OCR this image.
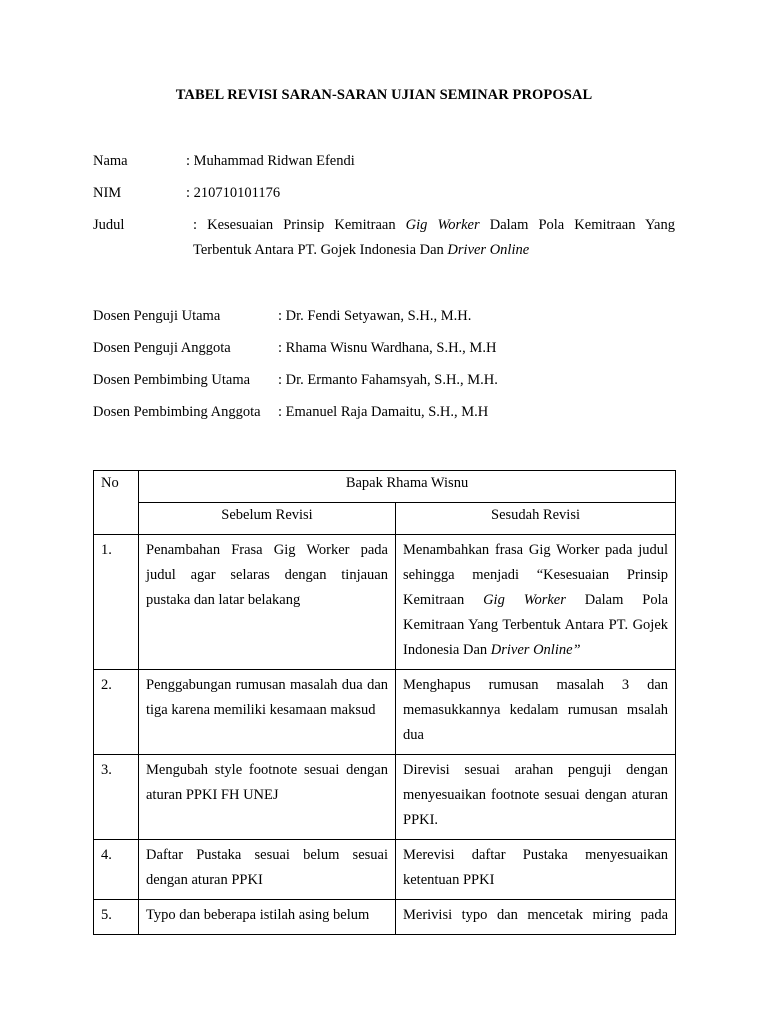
TABEL REVISI SARAN-SARAN UJIAN SEMINAR PROPOSAL
Nama	: Muhammad Ridwan Efendi
NIM	: 210710101176
Judul	: Kesesuaian Prinsip Kemitraan Gig Worker Dalam Pola Kemitraan Yang
Terbentuk Antara PT. Gojek Indonesia Dan Driver Online
Dosen Penguji Utama	: Dr. Fendi Setyawan, S.H., M.H.
Dosen Penguji Anggota	: Rhama Wisnu Wardhana, S.H., M.H
Dosen Pembimbing Utama : Dr. Ermanto Fahamsyah, S.H., M.H.
Dosen Pembimbing Anggota : Emanuel Raja Damaitu, S.H., M.H
No	Bapak Rhama Wisnu	
	Sebelum Revisi	Sesudah Revisi
1.	Penambahan Frasa Gig Worker pada judul agar selaras dengan tinjauan pustaka dan latar belakang	Menambahkan frasa Gig Worker pada judul sehingga menjadi “Kesesuaian Prinsip Kemitraan Gig Worker Dalam Pola Kemitraan Yang Terbentuk Antara PT. Gojek Indonesia Dan Driver Online”
2.	Penggabungan rumusan masalah dua dan tiga karena memiliki kesamaan maksud	Menghapus rumusan masalah 3 dan memasukkannya kedalam rumusan msalah dua
3.	Mengubah style footnote sesuai dengan aturan PPKI FH UNEJ	Direvisi sesuai arahan penguji dengan menyesuaikan footnote sesuai dengan aturan PPKI.
4.	Daftar Pustaka sesuai belum sesuai dengan aturan PPKI	Merevisi daftar Pustaka menyesuaikan ketentuan PPKI
5.	Typo dan beberapa istilah asing belum	Merivisi typo dan mencetak miring pada
